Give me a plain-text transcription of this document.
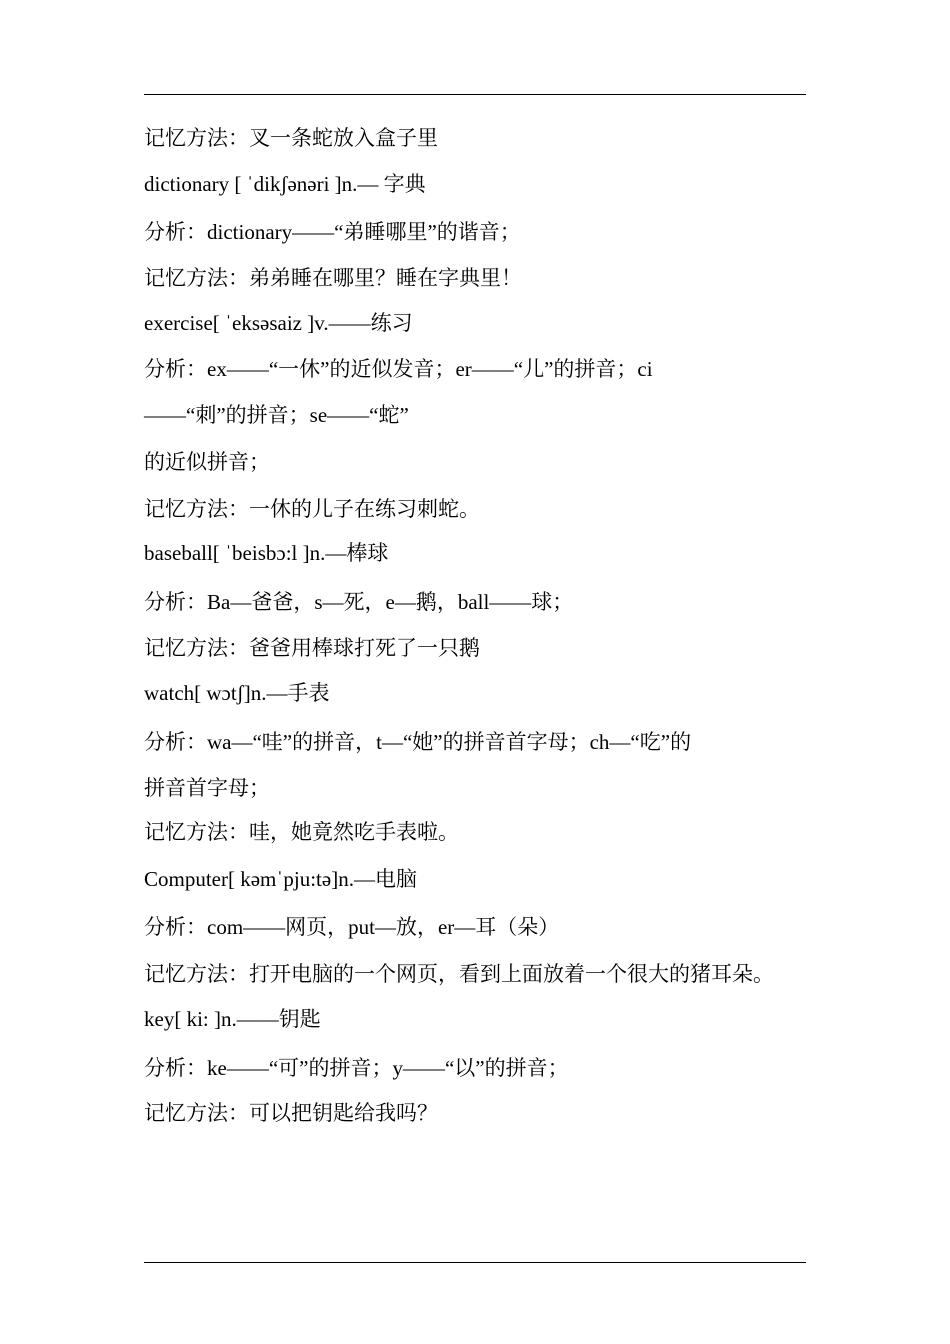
记忆方法：叉一条蛇放入盒子里
dictionary [ ˈdikʃənəri ]n.— 字典
分析：dictionary——“弟睡哪里”的谐音；
记忆方法：弟弟睡在哪里？睡在字典里！
exercise[ ˈeksəsaiz ]v.——练习
分析：ex——“一休”的近似发音；er——“儿”的拼音；ci
——“刺”的拼音；se——“蛇”
的近似拼音；
记忆方法：一休的儿子在练习刺蛇。
baseball[ ˈbeisbɔ:l ]n.—棒球
分析：Ba—爸爸，s—死，e—鹅，ball——球；
记忆方法：爸爸用棒球打死了一只鹅
watch[ wɔtʃ]n.—手表
分析：wa—“哇”的拼音，t—“她”的拼音首字母；ch—“吃”的
拼音首字母；
记忆方法：哇，她竟然吃手表啦。
Computer[ kəmˈpju:tə]n.—电脑
分析：com——网页，put—放，er—耳（朵）
记忆方法：打开电脑的一个网页，看到上面放着一个很大的猪耳朵。
key[ ki: ]n.——钥匙
分析：ke——“可”的拼音；y——“以”的拼音；
记忆方法：可以把钥匙给我吗？
